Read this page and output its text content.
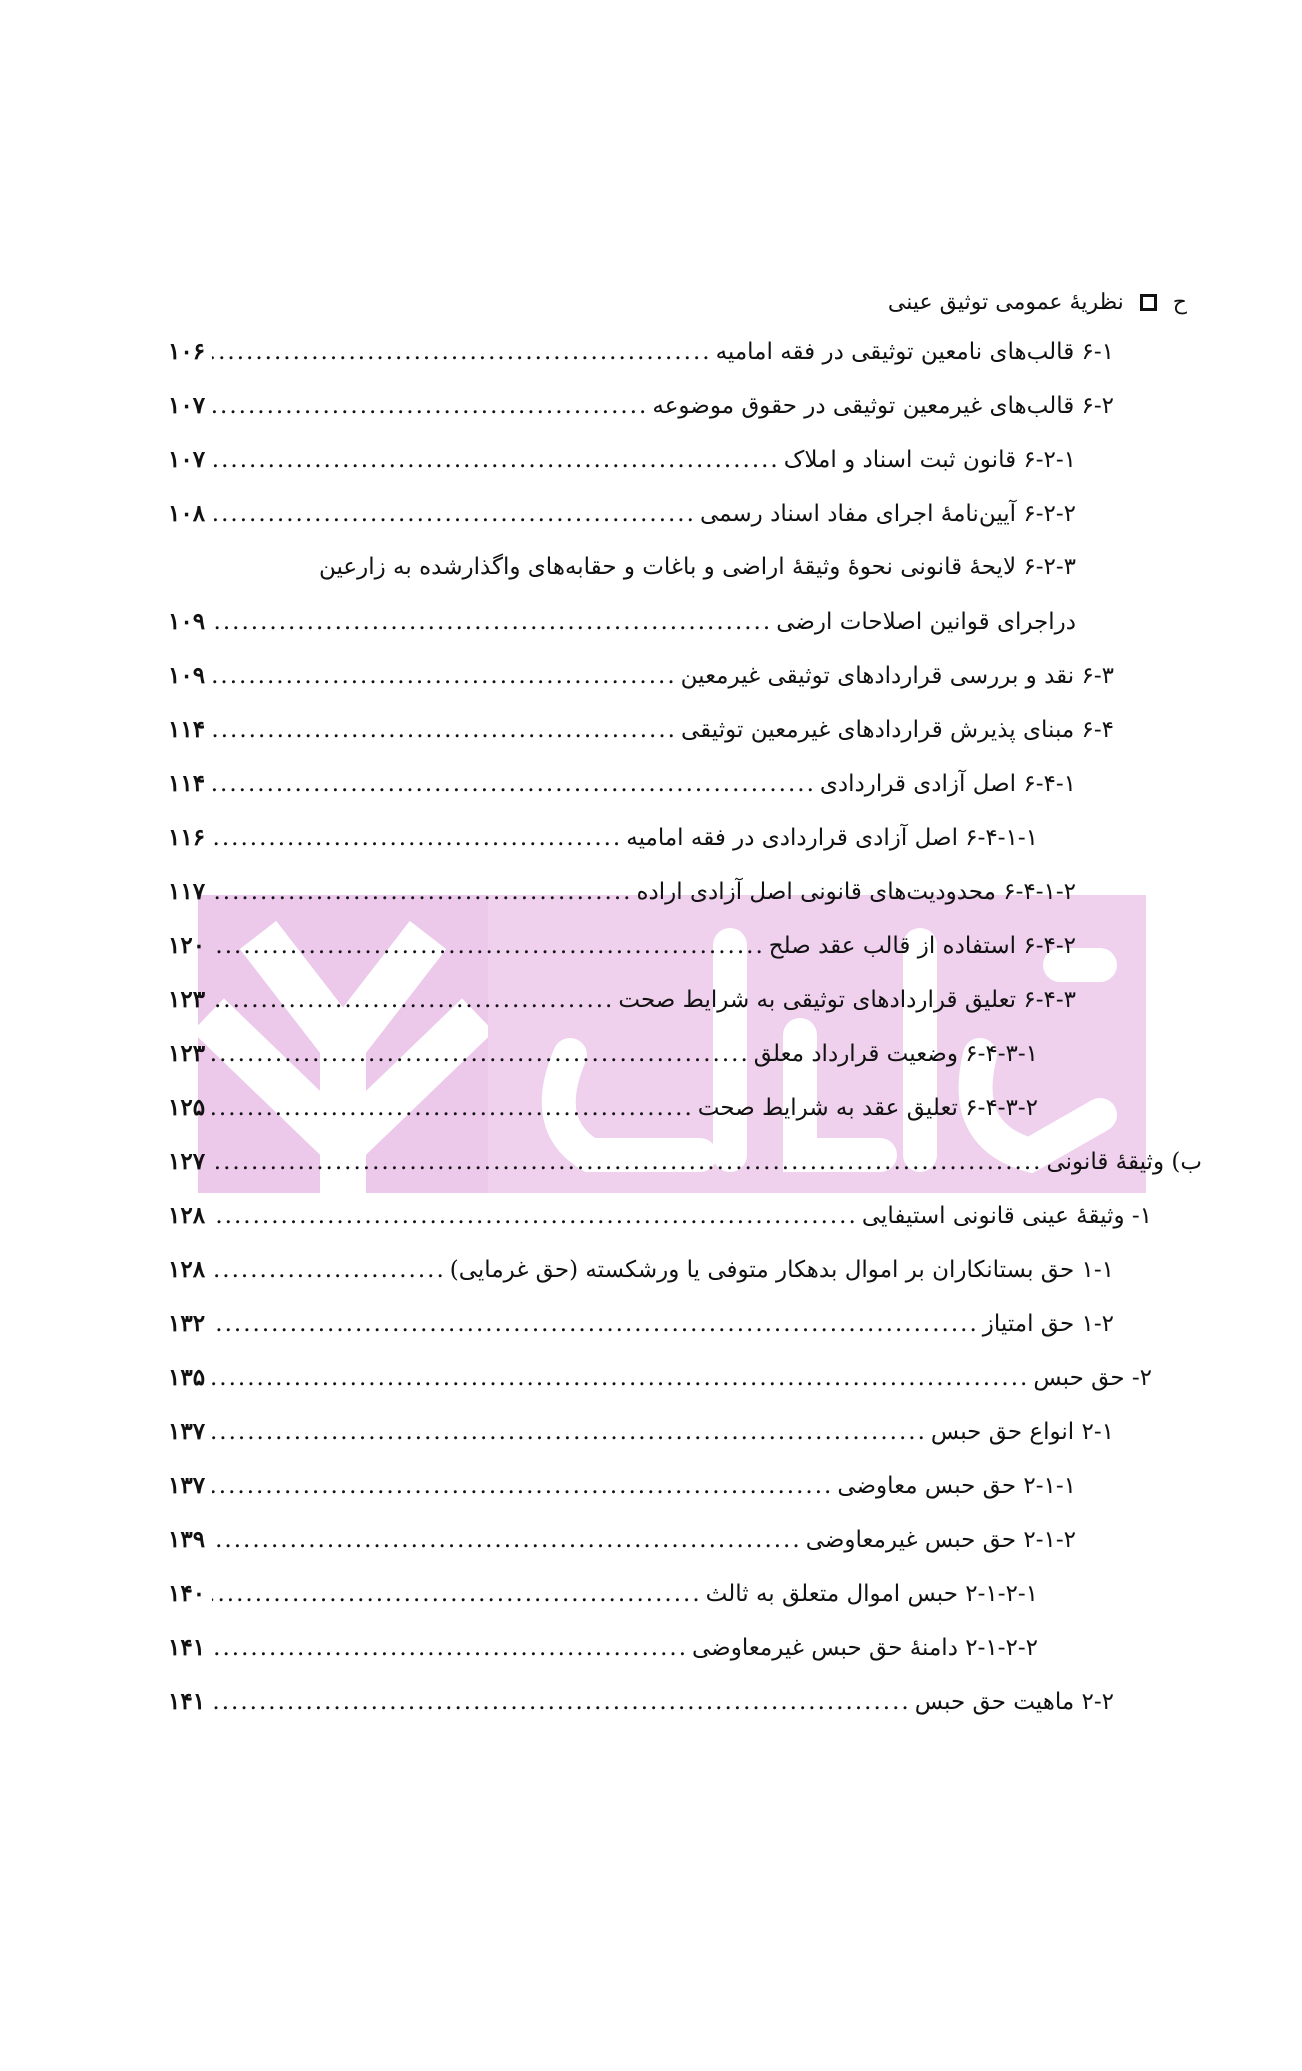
ح
نظریهٔ عمومی توثیق عینی
۶-۱ قالب‌های نامعین توثیقی در فقه امامیه
.....
۱۰۶
۶-۲ قالب‌های غیرمعین توثیقی در حقوق موضوعه
.....
۱۰۷
۶-۲-۱ قانون ثبت اسناد و املاک
.....
۱۰۷
۶-۲-۲ آیین‌نامهٔ اجرای مفاد اسناد رسمی
.....
۱۰۸
۶-۲-۳ لایحهٔ قانونی نحوهٔ وثیقهٔ اراضی و باغات و حقابه‌های واگذارشده به زارعین
دراجرای قوانین اصلاحات ارضی
.....
۱۰۹
۶-۳ نقد و بررسی قراردادهای توثیقی غیرمعین
.....
۱۰۹
۶-۴ مبنای پذیرش قراردادهای غیرمعین توثیقی
.....
۱۱۴
۶-۴-۱ اصل آزادی قراردادی
.....
۱۱۴
۶-۴-۱-۱ اصل آزادی قراردادی در فقه امامیه
.....
۱۱۶
۶-۴-۱-۲ محدودیت‌های قانونی اصل آزادی اراده
.....
۱۱۷
۶-۴-۲ استفاده از قالب عقد صلح
.....
۱۲۰
۶-۴-۳ تعلیق قراردادهای توثیقی به شرایط صحت
.....
۱۲۳
۶-۴-۳-۱ وضعیت قرارداد معلق
.....
۱۲۳
۶-۴-۳-۲ تعلیق عقد به شرایط صحت
.....
۱۲۵
ب) وثیقهٔ قانونی
.....
۱۲۷
۱- وثیقهٔ عینی قانونی استیفایی
.....
۱۲۸
۱-۱ حق بستانکاران بر اموال بدهکار متوفی یا ورشکسته (حق غرمایی)
.....
۱۲۸
۱-۲ حق امتیاز
.....
۱۳۲
۲- حق حبس
.....
۱۳۵
۲-۱ انواع حق حبس
.....
۱۳۷
۲-۱-۱ حق حبس معاوضی
.....
۱۳۷
۲-۱-۲ حق حبس غیرمعاوضی
.....
۱۳۹
۲-۱-۲-۱ حبس اموال متعلق به ثالث
.....
۱۴۰
۲-۱-۲-۲ دامنهٔ حق حبس غیرمعاوضی
.....
۱۴۱
۲-۲ ماهیت حق حبس
.....
۱۴۱
